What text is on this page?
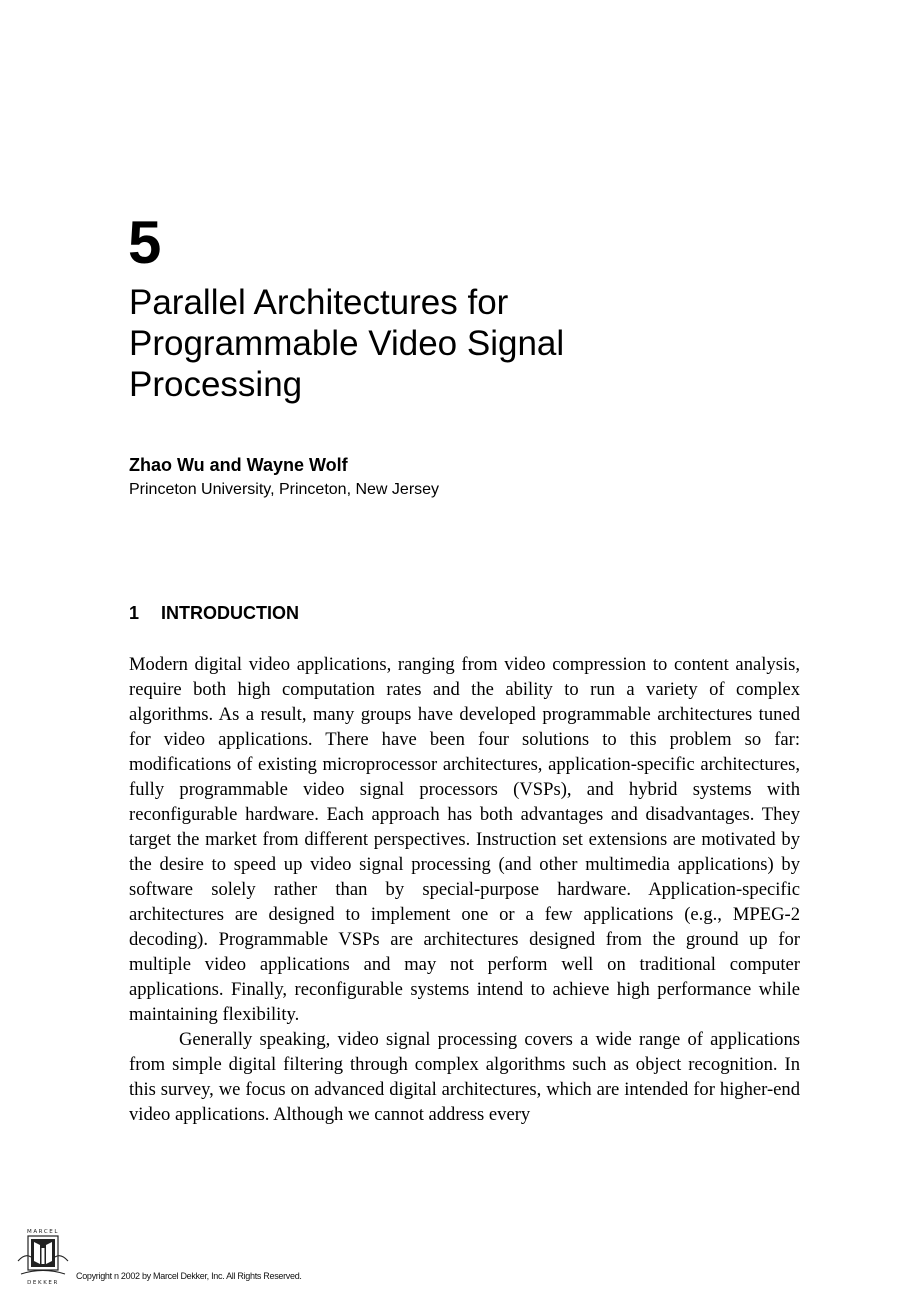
5
Parallel Architectures for Programmable Video Signal Processing
Zhao Wu and Wayne Wolf
Princeton University, Princeton, New Jersey
1 INTRODUCTION

Modern digital video applications, ranging from video compression to content analysis, require both high computation rates and the ability to run a variety of complex algorithms. As a result, many groups have developed programmable architectures tuned for video applications. There have been four solutions to this problem so far: modifications of existing microprocessor architectures, application-specific architectures, fully programmable video signal processors (VSPs), and hybrid systems with reconfigurable hardware. Each approach has both advantages and disadvantages. They target the market from different perspectives. Instruction set extensions are motivated by the desire to speed up video signal processing (and other multimedia applications) by software solely rather than by special-purpose hardware. Application-specific architectures are designed to implement one or a few applications (e.g., MPEG-2 decoding). Programmable VSPs are architectures designed from the ground up for multiple video applications and may not perform well on traditional computer applications. Finally, reconfigurable systems intend to achieve high performance while maintaining flexibility.

Generally speaking, video signal processing covers a wide range of applications from simple digital filtering through complex algorithms such as object recognition. In this survey, we focus on advanced digital architectures, which are intended for higher-end video applications. Although we cannot address every

MARCEL
DEKKER
Copyright n 2002 by Marcel Dekker, Inc. All Rights Reserved.
